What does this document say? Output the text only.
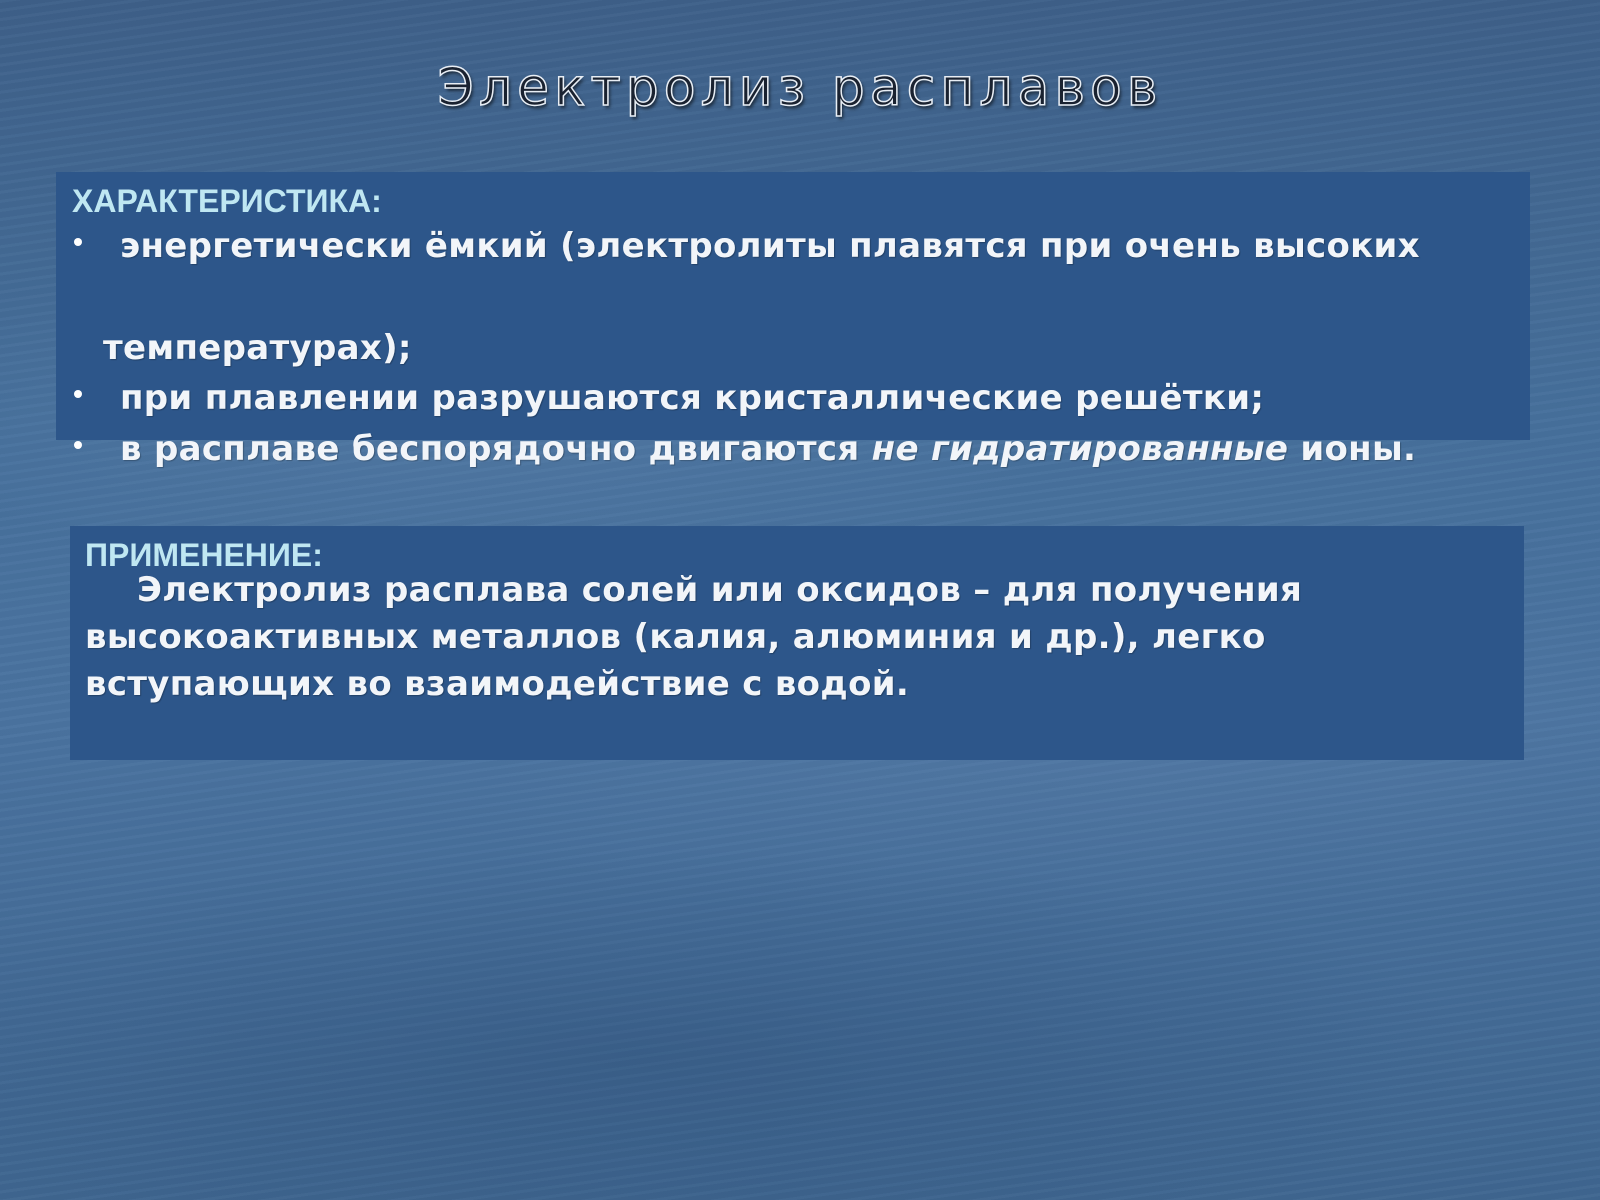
Электролиз расплавов
ХАРАКТЕРИСТИКА:
энергетически ёмкий (электролиты плавятся при очень высоких
температурах);
при плавлении разрушаются кристаллические решётки;
в расплаве беспорядочно двигаются не гидратированные ионы.
ПРИМЕНЕНИЕ:
Электролиз расплава солей или оксидов – для получения
высокоактивных металлов (калия, алюминия и др.), легко
вступающих во взаимодействие с водой.
